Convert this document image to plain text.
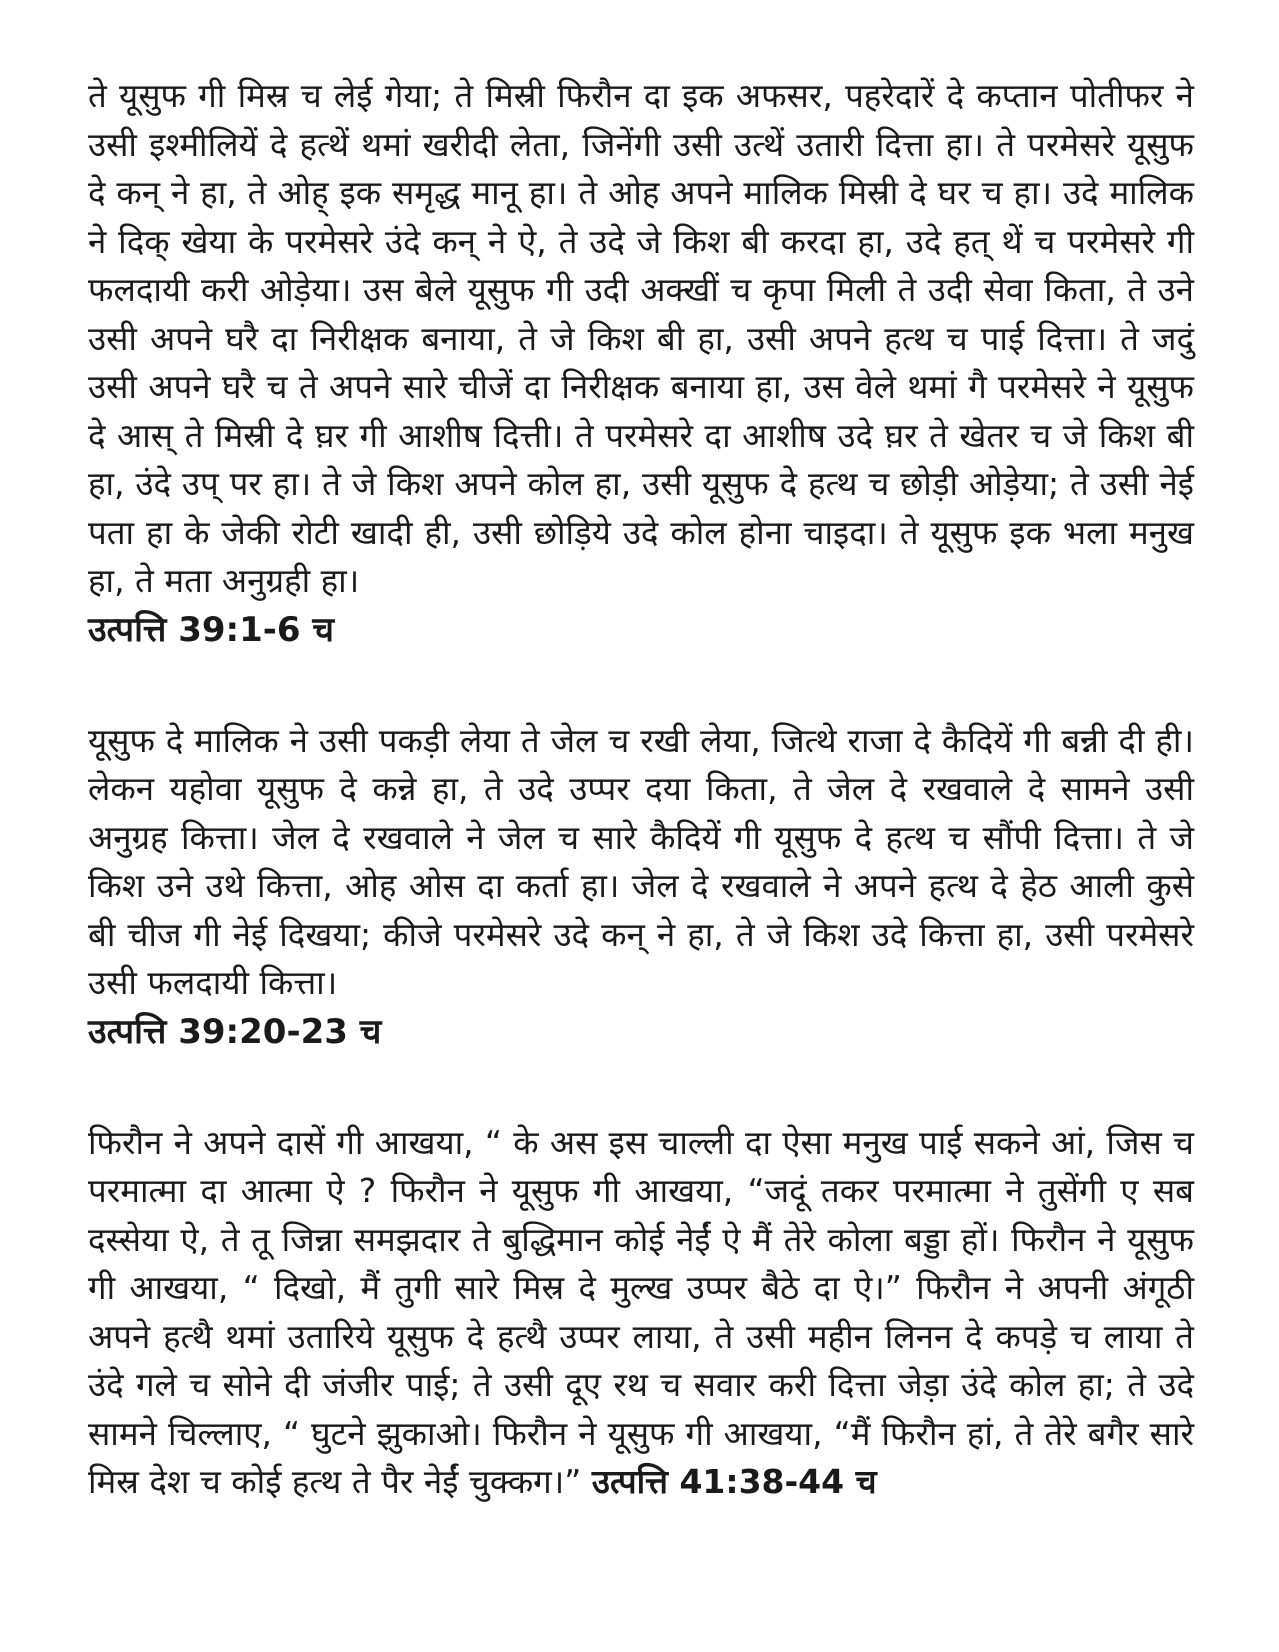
ते यूसुफ गी मिस्र च लेई गेया; ते मिस्री फिरौन दा इक अफसर, पहरेदारें दे कप्तान पोतीफर ने उसी इश्मीलियें दे हत्थें थमां खरीदी लेता, जिनेंगी उसी उत्थें उतारी दित्ता हा। ते परमेसरे यूसुफ दे कन् ने हा, ते ओह् इक समृद्ध मानू हा। ते ओह अपने मालिक मिस्री दे घर च हा। उदे मालिक ने दिक् खेया के परमेसरे उंदे कन् ने ऐ, ते उदे जे किश बी करदा हा, उदे हत् थें च परमेसरे गी फलदायी करी ओड़ेया। उस बेले यूसुफ गी उदी अक्खीं च कृपा मिली ते उदी सेवा किता, ते उने उसी अपने घरै दा निरीक्षक बनाया, ते जे किश बी हा, उसी अपने हत्थ च पाई दित्ता। ते जदुं उसी अपने घरै च ते अपने सारे चीजें दा निरीक्षक बनाया हा, उस वेले थमां गै परमेसरे ने यूसुफ दे आस् ते मिस्री दे घ़र गी आशीष दित्ती। ते परमेसरे दा आशीष उदे घ़र ते खेतर च जे किश बी हा, उंदे उप् पर हा। ते जे किश अपने कोल हा, उसी यूसुफ दे हत्थ च छोड़ी ओड़ेया; ते उसी नेई पता हा के जेकी रोटी खादी ही, उसी छोड़िये उदे कोल होना चाइदा। ते यूसुफ इक भला मनुख हा, ते मता अनुग्रही हा।

उत्पत्ति 39:1-6 च

यूसुफ दे मालिक ने उसी पकड़ी लेया ते जेल च रखी लेया, जित्थे राजा दे कैदियें गी बन्नी दी ही। लेकन यहोवा यूसुफ दे कन्ने हा, ते उदे उप्पर दया किता, ते जेल दे रखवाले दे सामने उसी अनुग्रह कित्ता। जेल दे रखवाले ने जेल च सारे कैदियें गी यूसुफ दे हत्थ च सौंपी दित्ता। ते जे किश उने उथे कित्ता, ओह ओस दा कर्ता हा। जेल दे रखवाले ने अपने हत्थ दे हेठ आली कुसे बी चीज गी नेई दिखया; कीजे परमेसरे उदे कन् ने हा, ते जे किश उदे कित्ता हा, उसी परमेसरे उसी फलदायी कित्ता।

उत्पत्ति 39:20-23 च

फिरौन ने अपने दासें गी आखया, “ के अस इस चाल्ली दा ऐसा मनुख पाई सकने आं, जिस च परमात्मा दा आत्मा ऐ ? फिरौन ने यूसुफ गी आखया, “जदूं तकर परमात्मा ने तुसेंगी ए सब दस्सेया ऐ, ते तू जिन्ना समझदार ते बुद्धिमान कोई नेईं ऐ मैं तेरे कोला बड्डा हों। फिरौन ने यूसुफ गी आखया, “ दिखो, मैं तुगी सारे मिस्र दे मुल्ख उप्पर बैठे दा ऐ।” फिरौन ने अपनी अंगूठी अपने हत्थै थमां उतारिये यूसुफ दे हत्थै उप्पर लाया, ते उसी महीन लिनन दे कपड़े च लाया ते उंदे गले च सोने दी जंजीर पाई; ते उसी दूए रथ च सवार करी दित्ता जेड़ा उंदे कोल हा; ते उदे सामने चिल्लाए, “ घुटने झुकाओ। फिरौन ने यूसुफ गी आखया, “मैं फिरौन हां, ते तेरे बगैर सारे मिस्र देश च कोई हत्थ ते पैर नेईं चुक्कग।” उत्पत्ति 41:38-44 च
